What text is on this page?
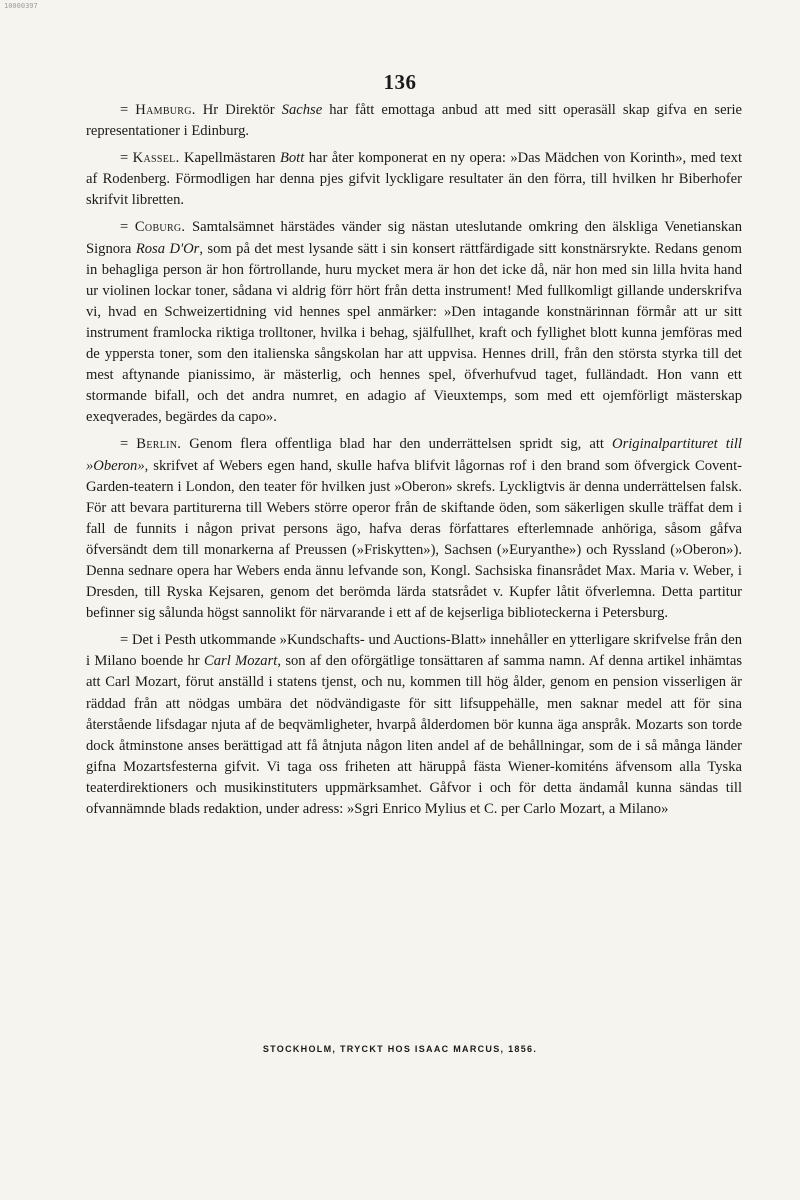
10000397
136

= Hamburg. Hr Direktör Sachse har fått emottaga anbud att med sitt operasäll skap gifva en serie representationer i Edinburg.

= Kassel. Kapellmästaren Bott har åter komponerat en ny opera: »Das Mädchen von Korinth», med text af Rodenberg. Förmodligen har denna pjes gifvit lyckligare resultater än den förra, till hvilken hr Biberhofer skrifvit libretten.

= Coburg. Samtalsämnet härstädes vänder sig nästan uteslutande omkring den älskliga Venetianskan Signora Rosa D'Or, som på det mest lysande sätt i sin konsert rättfärdigade sitt konstnärsrykte. Redans genom in behagliga person är hon förtrollande, huru mycket mera är hon det icke då, när hon med sin lilla hvita hand ur violinen lockar toner, sådana vi aldrig förr hört från detta instrument! Med fullkomligt gillande underskrifva vi, hvad en Schweizertidning vid hennes spel anmärker: »Den intagande konstnärinnan förmår att ur sitt instrument framlocka riktiga trolltoner, hvilka i behag, själfullhet, kraft och fyllighet blott kunna jemföras med de yppersta toner, som den italienska sångskolan har att uppvisa. Hennes drill, från den största styrka till det mest aftynande pianissimo, är mästerlig, och hennes spel, öfverhufvud taget, fulländadt. Hon vann ett stormande bifall, och det andra numret, en adagio af Vieuxtemps, som med ett ojemförligt mästerskap exeqverades, begärdes da capo».

= Berlin. Genom flera offentliga blad har den underrättelsen spridt sig, att Originalpartituret till »Oberon», skrifvet af Webers egen hand, skulle hafva blifvit lågornas rof i den brand som öfvergick Covent-Garden-teatern i London, den teater för hvilken just »Oberon» skrefs. Lyckligtvis är denna underrättelsen falsk. För att bevara partiturerna till Webers större operor från de skiftande öden, som säkerligen skulle träffat dem i fall de funnits i någon privat persons ägo, hafva deras författares efterlemnade anhöriga, såsom gåfva öfversändt dem till monarkerna af Preussen (»Friskytten»), Sachsen (»Euryanthe») och Ryssland (»Oberon»). Denna sednare opera har Webers enda ännu lefvande son, Kongl. Sachsiska finansrådet Max. Maria v. Weber, i Dresden, till Ryska Kejsaren, genom det berömda lärda statsrådet v. Kupfer låtit öfverlemna. Detta partitur befinner sig sålunda högst sannolikt för närvarande i ett af de kejserliga biblioteckerna i Petersburg.

= Det i Pesth utkommande »Kundschafts- und Auctions-Blatt» innehåller en ytterligare skrifvelse från den i Milano boende hr Carl Mozart, son af den oförgätlige tonsättaren af samma namn. Af denna artikel inhämtas att Carl Mozart, förut anställd i statens tjenst, och nu, kommen till hög ålder, genom en pension visserligen är räddad från att nödgas umbära det nödvändigaste för sitt lifsuppehälle, men saknar medel att för sina återstående lifsdagar njuta af de beqvämligheter, hvarpå ålderdomen bör kunna äga anspråk. Mozarts son torde dock åtminstone anses berättigad att få åtnjuta någon liten andel af de behållningar, som de i så många länder gifna Mozartsfesterna gifvit. Vi taga oss friheten att häruppå fästa Wiener-komiténs äfvensom alla Tyska teaterdirektioners och musikinstituters uppmärksamhet. Gåfvor i och för detta ändamål kunna sändas till ofvannämnde blads redaktion, under adress: »Sgri Enrico Mylius et C. per Carlo Mozart, a Milano»

STOCKHOLM, TRYCKT HOS ISAAC MARCUS, 1856.
